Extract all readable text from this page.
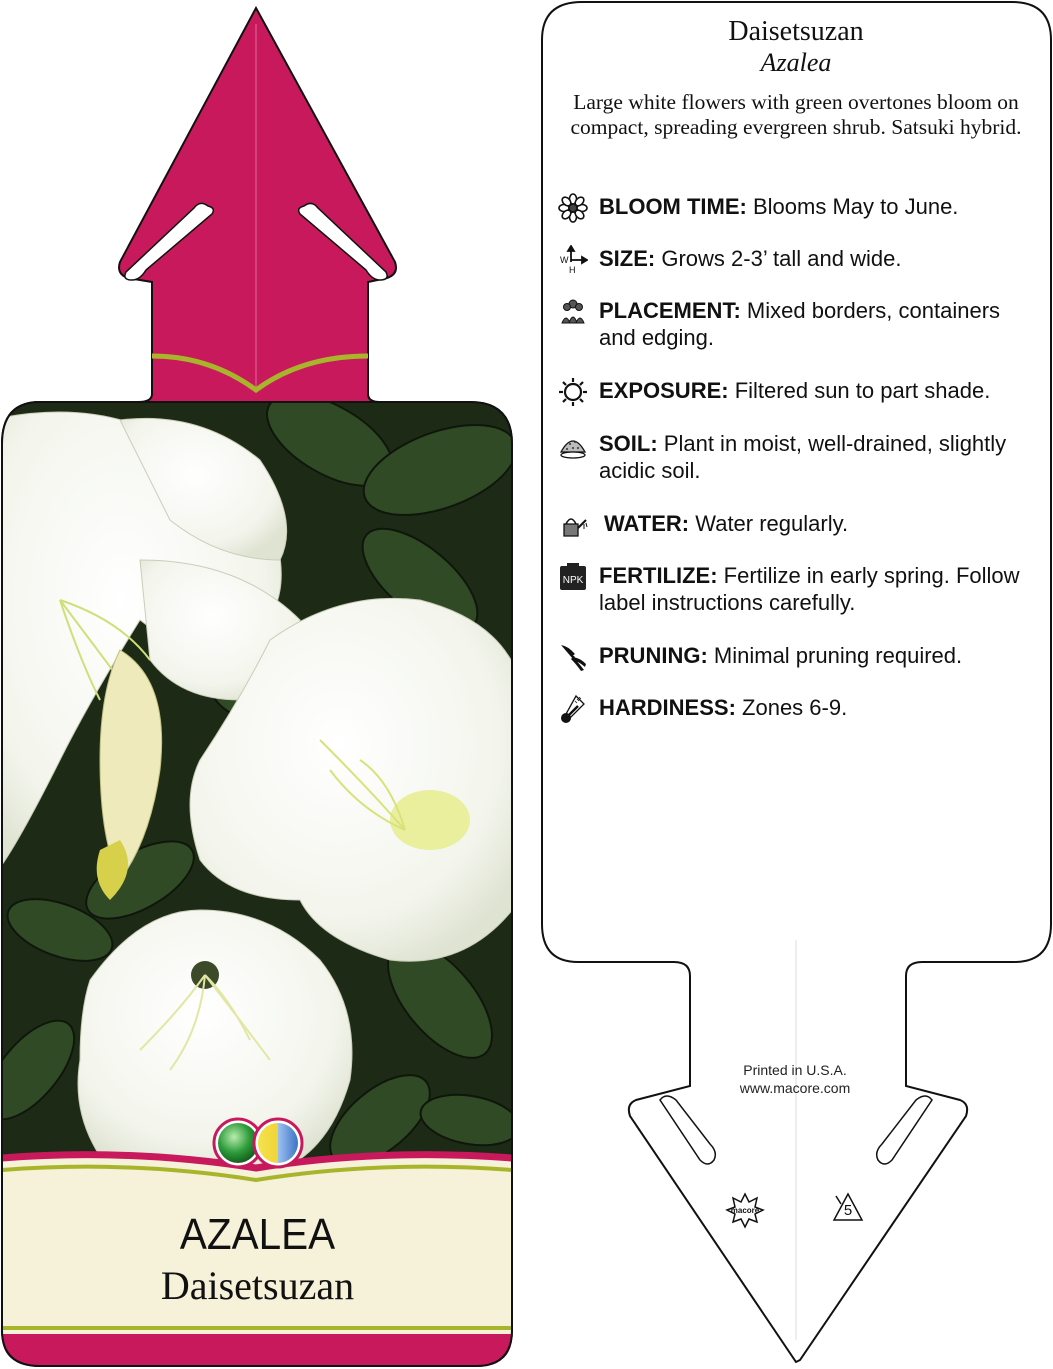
AZALEA
Daisetsuzan
Daisetsuzan
Azalea
Large white flowers with green overtones bloom on compact, spreading evergreen shrub. Satsuki hybrid.
BLOOM TIME: Blooms May to June.
W
H SIZE: Grows 2-3’ tall and wide.
PLACEMENT: Mixed borders, containers and edging.
EXPOSURE: Filtered sun to part shade.
SOIL: Plant in moist, well-drained, slightly acidic soil.
WATER: Water regularly.
NPK FERTILIZE: Fertilize in early spring. Follow label instructions carefully.
PRUNING: Minimal pruning required.
HARDINESS: Zones 6-9.
Printed in U.S.A.
www.macore.com
macore	5
